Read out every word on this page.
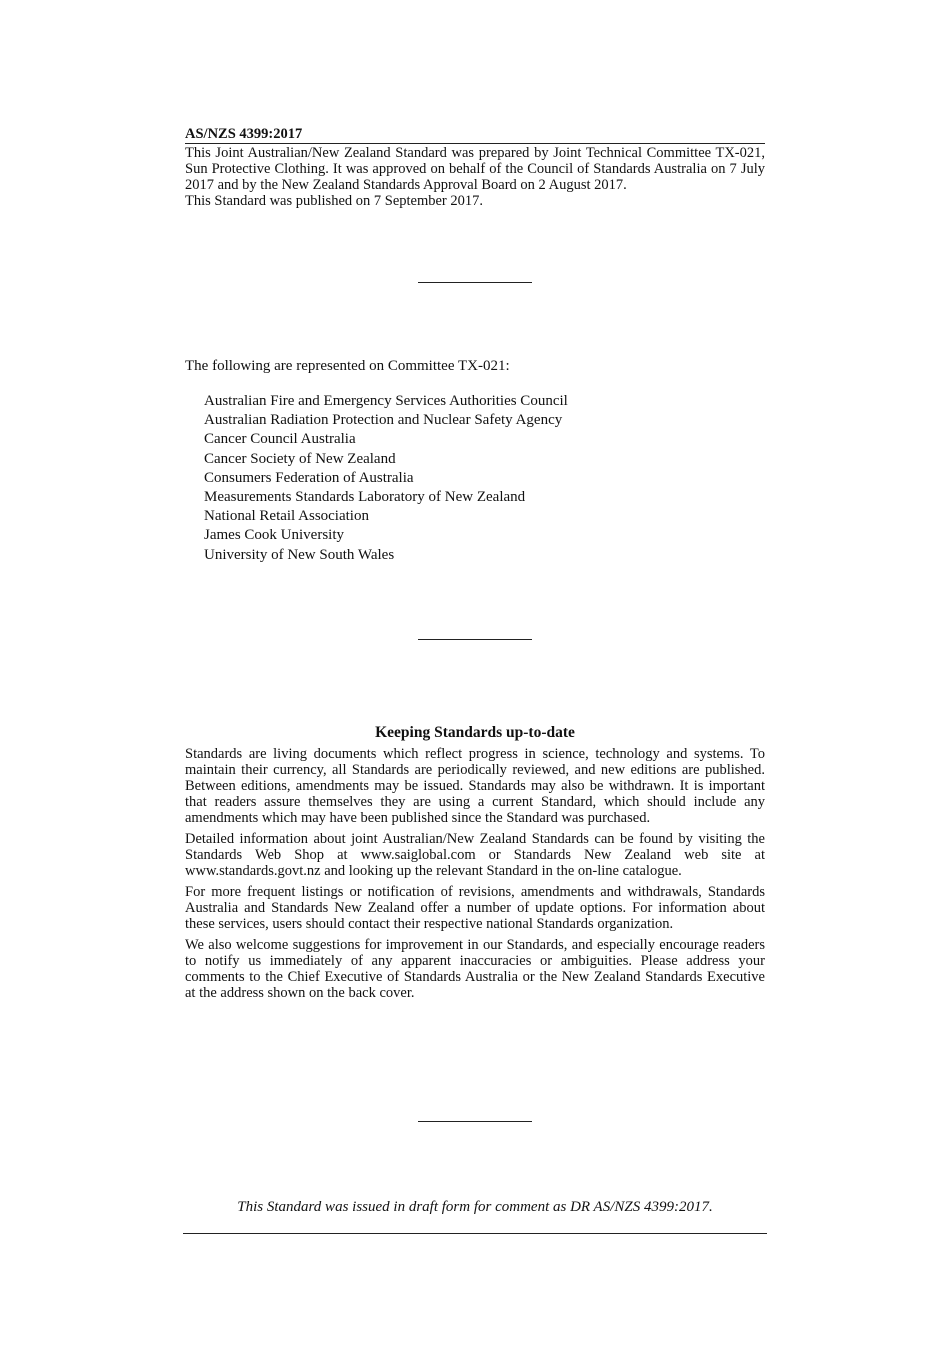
AS/NZS 4399:2017

This Joint Australian/New Zealand Standard was prepared by Joint Technical Committee TX-021, Sun Protective Clothing. It was approved on behalf of the Council of Standards Australia on 7 July 2017 and by the New Zealand Standards Approval Board on 2 August 2017.

This Standard was published on 7 September 2017.

The following are represented on Committee TX-021:

Australian Fire and Emergency Services Authorities Council
Australian Radiation Protection and Nuclear Safety Agency
Cancer Council Australia
Cancer Society of New Zealand
Consumers Federation of Australia
Measurements Standards Laboratory of New Zealand
National Retail Association
James Cook University
University of New South Wales
Keeping Standards up-to-date

Standards are living documents which reflect progress in science, technology and systems. To maintain their currency, all Standards are periodically reviewed, and new editions are published. Between editions, amendments may be issued. Standards may also be withdrawn. It is important that readers assure themselves they are using a current Standard, which should include any amendments which may have been published since the Standard was purchased.

Detailed information about joint Australian/New Zealand Standards can be found by visiting the Standards Web Shop at www.saiglobal.com or Standards New Zealand web site at www.standards.govt.nz and looking up the relevant Standard in the on-line catalogue.

For more frequent listings or notification of revisions, amendments and withdrawals, Standards Australia and Standards New Zealand offer a number of update options. For information about these services, users should contact their respective national Standards organization.

We also welcome suggestions for improvement in our Standards, and especially encourage readers to notify us immediately of any apparent inaccuracies or ambiguities. Please address your comments to the Chief Executive of Standards Australia or the New Zealand Standards Executive at the address shown on the back cover.

This Standard was issued in draft form for comment as DR AS/NZS 4399:2017.
